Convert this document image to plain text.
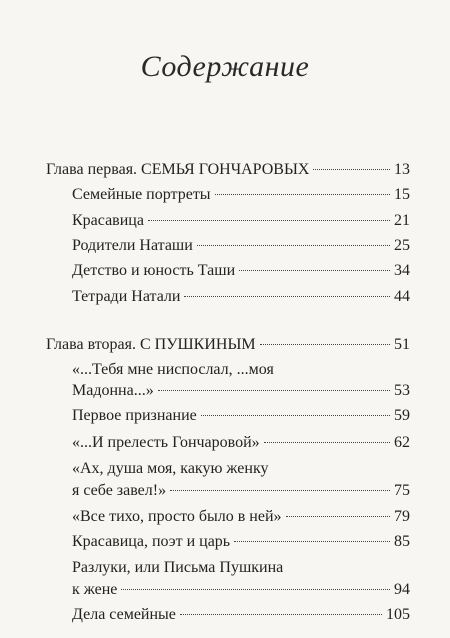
Содержание
Глава первая. СЕМЬЯ ГОНЧАРОВЫХ	13
Семейные портреты	15
Красавица	21
Родители Наташи	25
Детство и юность Таши	34
Тетради Натали	44
Глава вторая. С ПУШКИНЫМ	51
«...Тебя мне ниспослал, ...моя
Мадонна...»	53
Первое признание	59
«...И прелесть Гончаровой»	62
«Ах, душа моя, какую женку
я себе завел!»	75
«Все тихо, просто было в ней»	79
Красавица, поэт и царь	85
Разлуки, или Письма Пушкина
к жене	94
Дела семейные	105
